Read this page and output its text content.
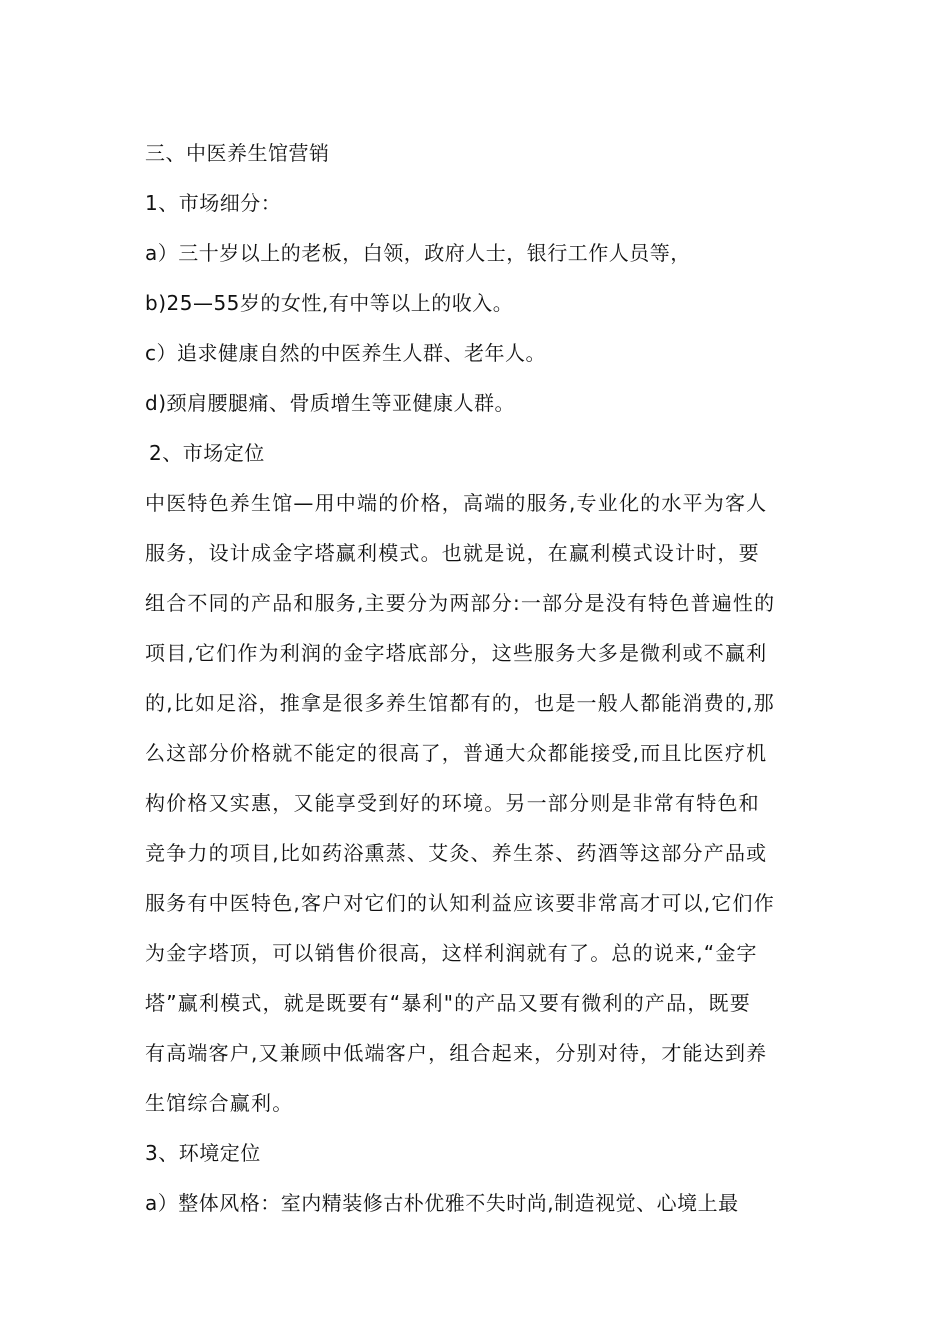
三、中医养生馆营销
1、市场细分：
a）三十岁以上的老板，白领，政府人士，银行工作人员等，
b)25—55岁的女性,有中等以上的收入。
c）追求健康自然的中医养生人群、老年人。
d)颈肩腰腿痛、骨质增生等亚健康人群。
2、市场定位
中医特色养生馆—用中端的价格，高端的服务,专业化的水平为客人
服务，设计成金字塔赢利模式。也就是说，在赢利模式设计时，要
组合不同的产品和服务,主要分为两部分:一部分是没有特色普遍性的
项目,它们作为利润的金字塔底部分，这些服务大多是微利或不赢利
的,比如足浴，推拿是很多养生馆都有的，也是一般人都能消费的,那
么这部分价格就不能定的很高了，普通大众都能接受,而且比医疗机
构价格又实惠，又能享受到好的环境。另一部分则是非常有特色和
竞争力的项目,比如药浴熏蒸、艾灸、养生茶、药酒等这部分产品或
服务有中医特色,客户对它们的认知利益应该要非常高才可以,它们作
为金字塔顶，可以销售价很高，这样利润就有了。总的说来,“金字
塔”赢利模式，就是既要有“暴利"的产品又要有微利的产品，既要
有高端客户,又兼顾中低端客户，组合起来，分别对待，才能达到养
生馆综合赢利。
3、环境定位
a）整体风格：室内精装修古朴优雅不失时尚,制造视觉、心境上最
